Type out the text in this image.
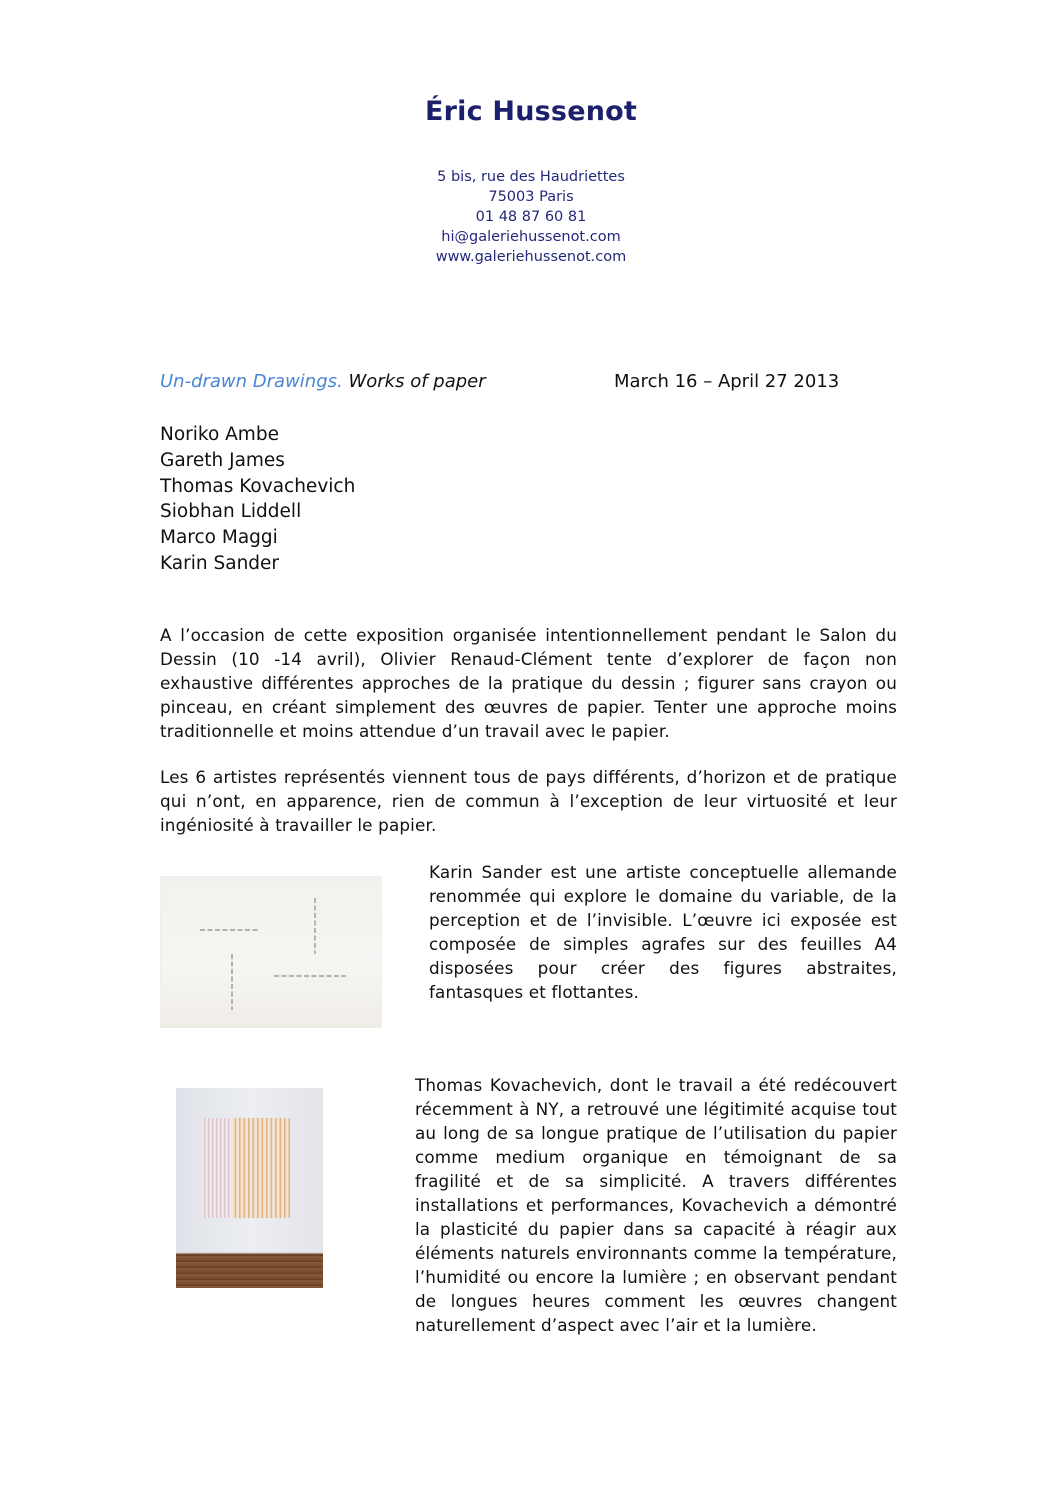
Éric Hussenot
5 bis, rue des Haudriettes
75003 Paris
01 48 87 60 81
hi@galeriehussenot.com
www.galeriehussenot.com
Un-drawn Drawings. Works of paper	March 16 – April 27 2013
Noriko Ambe
Gareth James
Thomas Kovachevich
Siobhan Liddell
Marco Maggi
Karin Sander
A l’occasion de cette exposition organisée intentionnellement pendant le Salon du Dessin (10 -14 avril), Olivier Renaud-Clément tente d’explorer de façon non exhaustive différentes approches de la pratique du dessin ; figurer sans crayon ou pinceau, en créant simplement des œuvres de papier. Tenter une approche moins traditionnelle et moins attendue d’un travail avec le papier.
Les 6 artistes représentés viennent tous de pays différents, d’horizon et de pratique qui n’ont, en apparence, rien de commun à l’exception de leur virtuosité et leur ingéniosité à travailler le papier.
Karin Sander est une artiste conceptuelle allemande renommée qui explore le domaine du variable, de la perception et de l’invisible. L’œuvre ici exposée est composée de simples agrafes sur des feuilles A4 disposées pour créer des figures abstraites, fantasques et flottantes.
Thomas Kovachevich, dont le travail a été redécouvert récemment à NY, a retrouvé une légitimité acquise tout au long de sa longue pratique de l’utilisation du papier comme medium organique en témoignant de sa fragilité et de sa simplicité. A travers différentes installations et performances, Kovachevich a démontré la plasticité du papier dans sa capacité à réagir aux éléments naturels environnants comme la température, l’humidité ou encore la lumière ; en observant pendant de longues heures comment les œuvres changent naturellement d’aspect avec l’air et la lumière.
